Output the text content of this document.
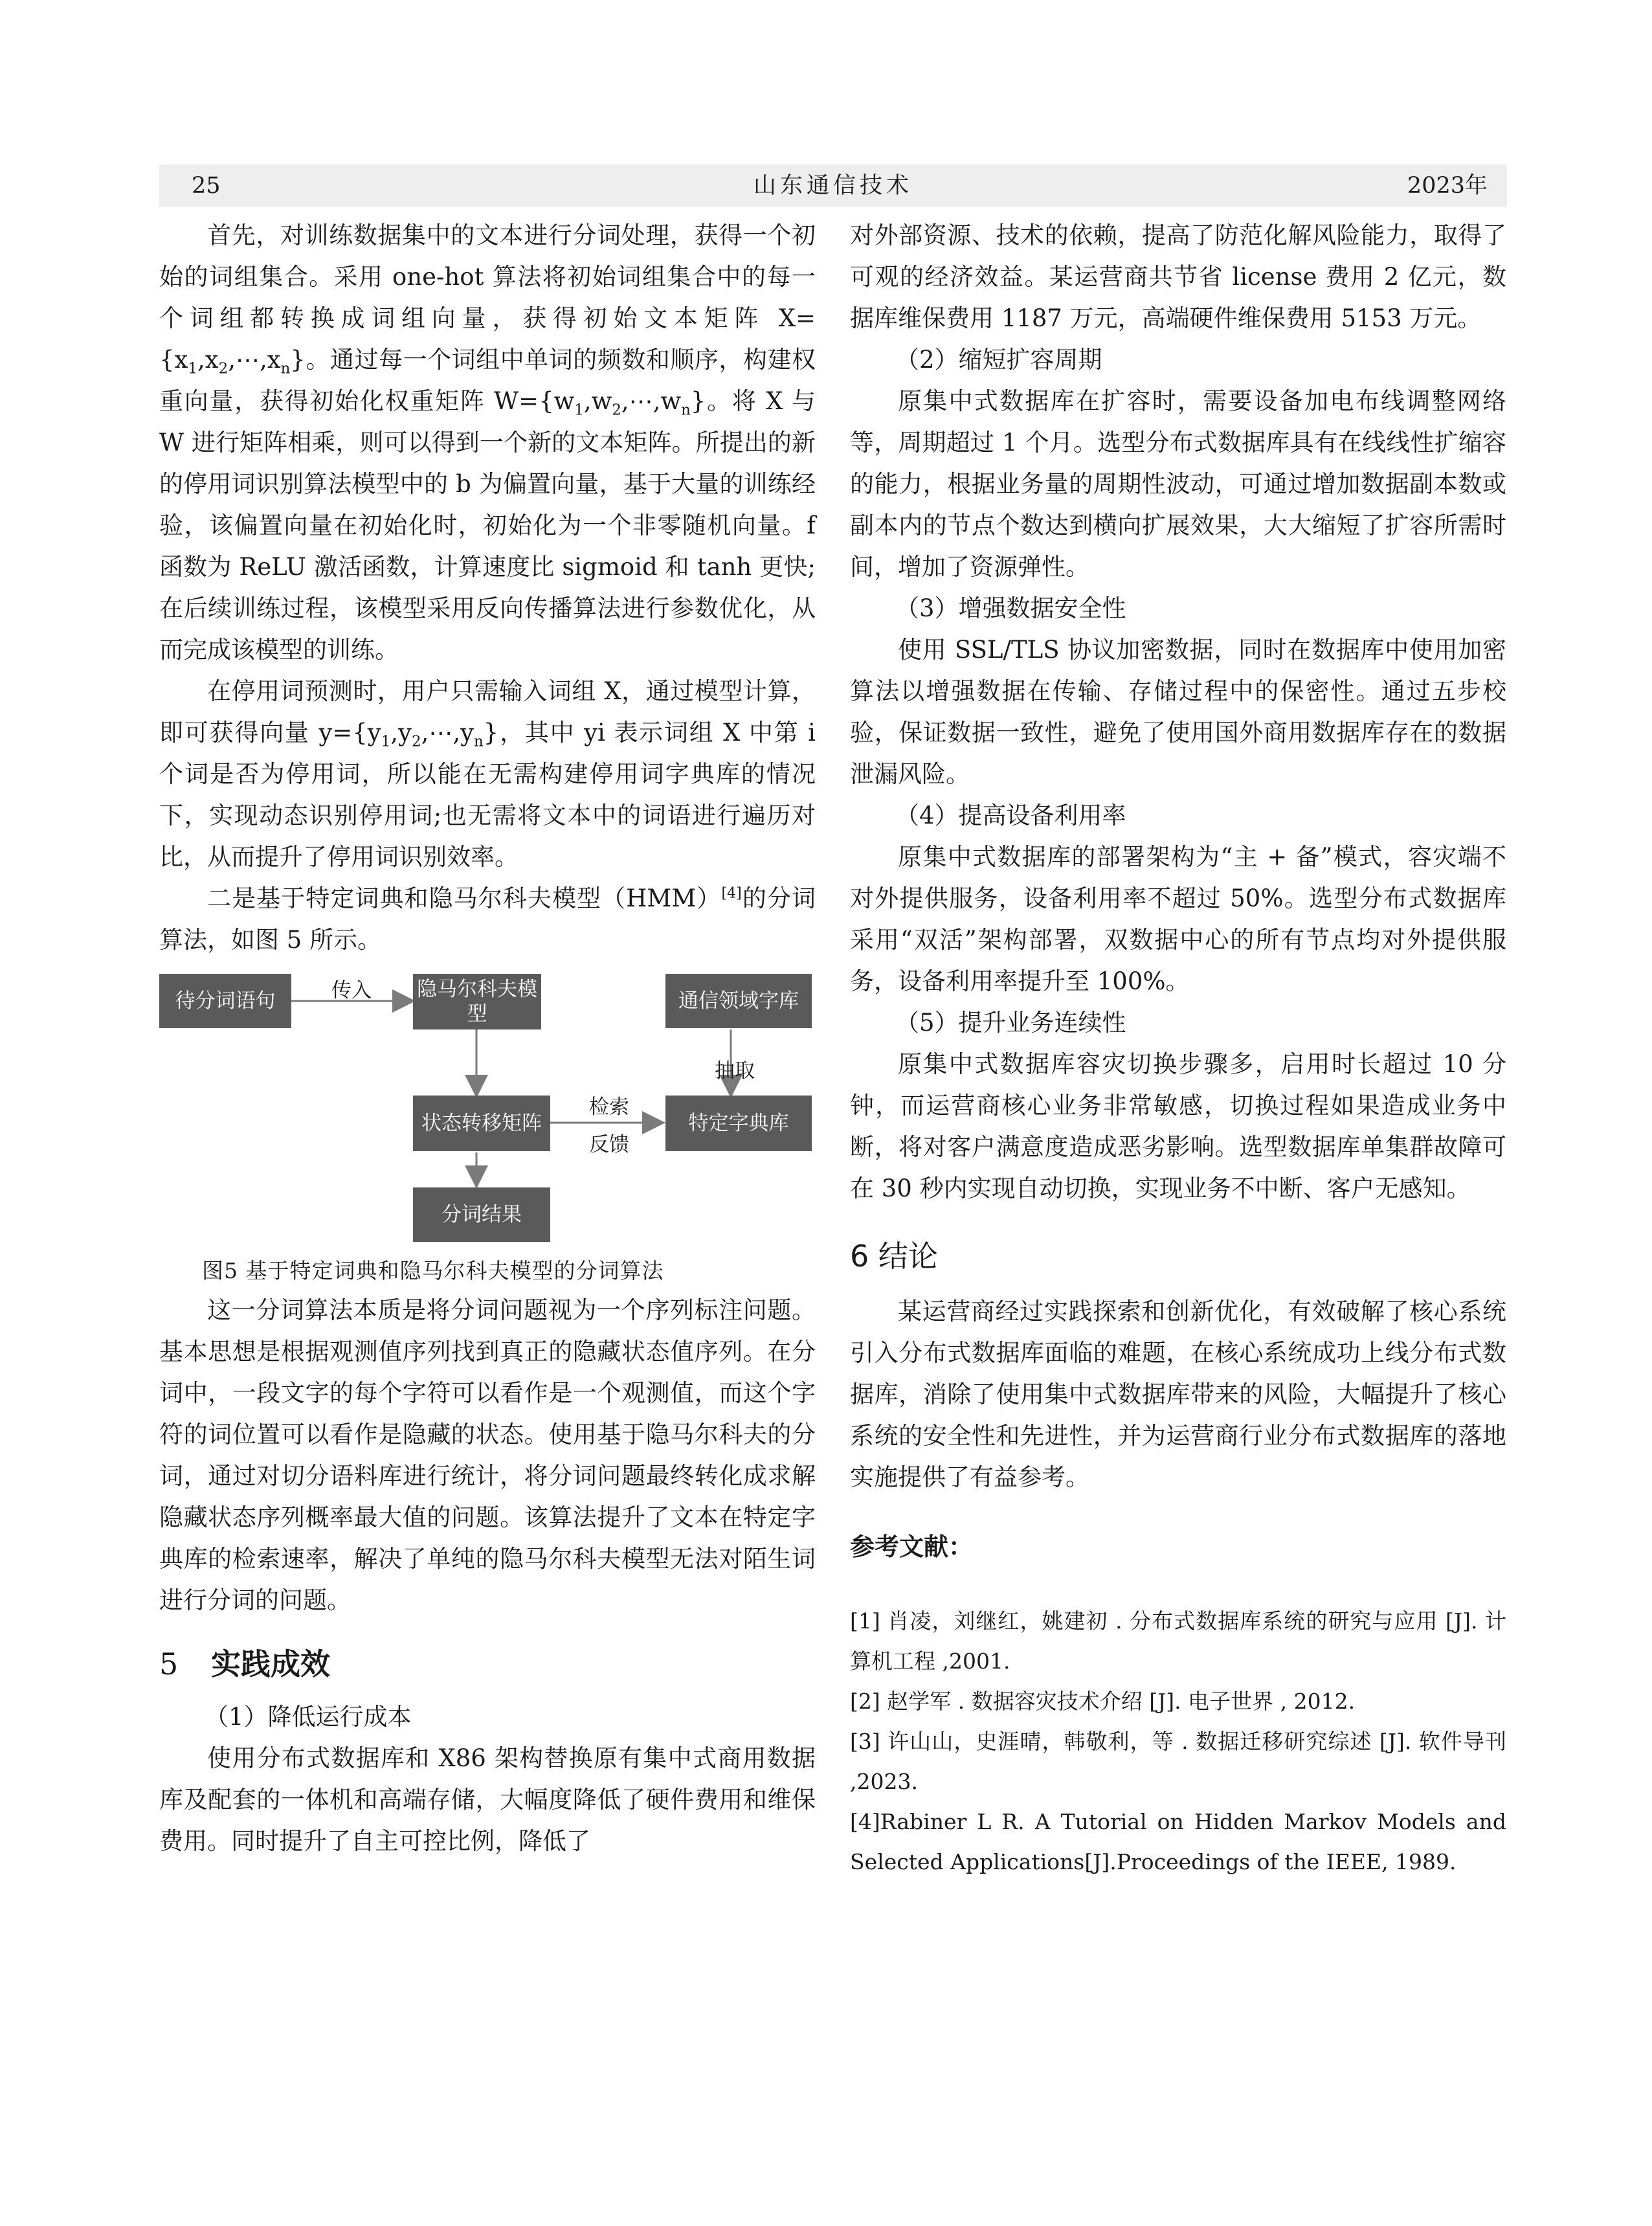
25	山东通信技术	2023年

首先，对训练数据集中的文本进行分词处理，获得一个初始的词组集合。采用 one-hot 算法将初始词组集合中的每一个词组都转换成词组向量，获得初始文本矩阵 $X=\{x_1,x_2,\cdots,x_n\}$。通过每一个词组中单词的频数和顺序，构建权重向量，获得初始化权重矩阵 $W=\{w_1,w_2,\cdots,w_n\}$。将 X 与 W 进行矩阵相乘，则可以得到一个新的文本矩阵。所提出的新的停用词识别算法模型中的 b 为偏置向量，基于大量的训练经验，该偏置向量在初始化时，初始化为一个非零随机向量。f 函数为 ReLU 激活函数，计算速度比 sigmoid 和 tanh 更快;在后续训练过程，该模型采用反向传播算法进行参数优化，从而完成该模型的训练。

在停用词预测时，用户只需输入词组 X，通过模型计算，即可获得向量 $y=\{y_1,y_2,\cdots,y_n\}$，其中 yi 表示词组 X 中第 i 个词是否为停用词，所以能在无需构建停用词字典库的情况下，实现动态识别停用词;也无需将文本中的词语进行遍历对比，从而提升了停用词识别效率。

二是基于特定词典和隐马尔科夫模型（HMM）[4]的分词算法，如图 5 所示。

待分词语句	传入 隐马尔科夫模型
通信领域字库
抽取
状态转移矩阵
检索
反馈
特定字典库
分词结果

图5 基于特定词典和隐马尔科夫模型的分词算法

这一分词算法本质是将分词问题视为一个序列标注问题。基本思想是根据观测值序列找到真正的隐藏状态值序列。在分词中，一段文字的每个字符可以看作是一个观测值，而这个字符的词位置可以看作是隐藏的状态。使用基于隐马尔科夫的分词，通过对切分语料库进行统计，将分词问题最终转化成求解隐藏状态序列概率最大值的问题。该算法提升了文本在特定字典库的检索速率，解决了单纯的隐马尔科夫模型无法对陌生词进行分词的问题。

5 实践成效

（1）降低运行成本

使用分布式数据库和 X86 架构替换原有集中式商用数据库及配套的一体机和高端存储，大幅度降低了硬件费用和维保费用。同时提升了自主可控比例，降低了

对外部资源、技术的依赖，提高了防范化解风险能力，取得了可观的经济效益。某运营商共节省 license 费用 2 亿元，数据库维保费用 1187 万元，高端硬件维保费用 5153 万元。

（2）缩短扩容周期

原集中式数据库在扩容时，需要设备加电布线调整网络等，周期超过 1 个月。选型分布式数据库具有在线线性扩缩容的能力，根据业务量的周期性波动，可通过增加数据副本数或副本内的节点个数达到横向扩展效果，大大缩短了扩容所需时间，增加了资源弹性。

（3）增强数据安全性

使用 SSL/TLS 协议加密数据，同时在数据库中使用加密算法以增强数据在传输、存储过程中的保密性。通过五步校验，保证数据一致性，避免了使用国外商用数据库存在的数据泄漏风险。

（4）提高设备利用率

原集中式数据库的部署架构为“主 + 备”模式，容灾端不对外提供服务，设备利用率不超过 50%。选型分布式数据库采用“双活”架构部署，双数据中心的所有节点均对外提供服务，设备利用率提升至 100%。

（5）提升业务连续性

原集中式数据库容灾切换步骤多，启用时长超过 10 分钟，而运营商核心业务非常敏感，切换过程如果造成业务中断，将对客户满意度造成恶劣影响。选型数据库单集群故障可在 30 秒内实现自动切换，实现业务不中断、客户无感知。

6 结论

某运营商经过实践探索和创新优化，有效破解了核心系统引入分布式数据库面临的难题，在核心系统成功上线分布式数据库，消除了使用集中式数据库带来的风险，大幅提升了核心系统的安全性和先进性，并为运营商行业分布式数据库的落地实施提供了有益参考。

参考文献：

[1] 肖凌，刘继红，姚建初 . 分布式数据库系统的研究与应用 [J]. 计算机工程 ,2001.

[2] 赵学军 . 数据容灾技术介绍 [J]. 电子世界 , 2012.

[3] 许山山，史涯晴，韩敬利，等 . 数据迁移研究综述 [J]. 软件导刊 ,2023.

[4]Rabiner L R. A Tutorial on Hidden Markov Models and Selected Applications[J].Proceedings of the IEEE, 1989.
